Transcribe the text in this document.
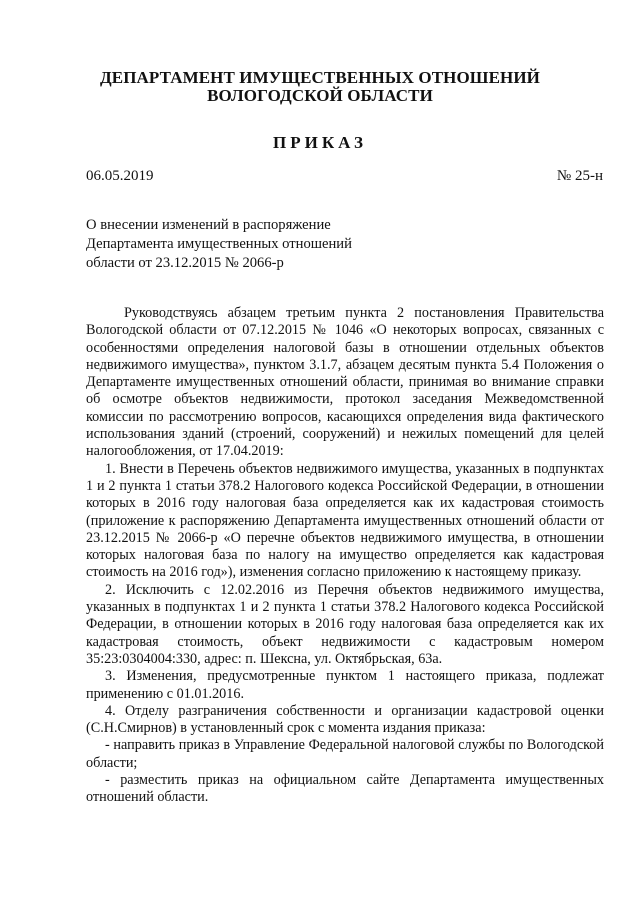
ДЕПАРТАМЕНТ ИМУЩЕСТВЕННЫХ ОТНОШЕНИЙ
ВОЛОГОДСКОЙ ОБЛАСТИ
ПРИКАЗ
06.05.2019	№ 25-н
О внесении изменений в распоряжение
Департамента имущественных отношений
области от 23.12.2015 № 2066-р

Руководствуясь абзацем третьим пункта 2 постановления Правительства Вологодской области от 07.12.2015 № 1046 «О некоторых вопросах, связанных с особенностями определения налоговой базы в отношении отдельных объектов недвижимого имущества», пунктом 3.1.7, абзацем десятым пункта 5.4 Положения о Департаменте имущественных отношений области, принимая во внимание справки об осмотре объектов недвижимости, протокол заседания Межведомственной комиссии по рассмотрению вопросов, касающихся определения вида фактического использования зданий (строений, сооружений) и нежилых помещений для целей налогообложения, от 17.04.2019:

1. Внести в Перечень объектов недвижимого имущества, указанных в подпунктах 1 и 2 пункта 1 статьи 378.2 Налогового кодекса Российской Федерации, в отношении которых в 2016 году налоговая база определяется как их кадастровая стоимость (приложение к распоряжению Департамента имущественных отношений области от 23.12.2015 № 2066-р «О перечне объектов недвижимого имущества, в отношении которых налоговая база по налогу на имущество определяется как кадастровая стоимость на 2016 год»), изменения согласно приложению к настоящему приказу.

2. Исключить с 12.02.2016 из Перечня объектов недвижимого имущества, указанных в подпунктах 1 и 2 пункта 1 статьи 378.2 Налогового кодекса Российской Федерации, в отношении которых в 2016 году налоговая база определяется как их кадастровая стоимость, объект недвижимости с кадастровым номером 35:23:0304004:330, адрес: п. Шексна, ул. Октябрьская, 63а.

3. Изменения, предусмотренные пунктом 1 настоящего приказа, подлежат применению с 01.01.2016.

4. Отделу разграничения собственности и организации кадастровой оценки (С.Н.Смирнов) в установленный срок с момента издания приказа:

- направить приказ в Управление Федеральной налоговой службы по Вологодской области;

- разместить приказ на официальном сайте Департамента имущественных отношений области.
